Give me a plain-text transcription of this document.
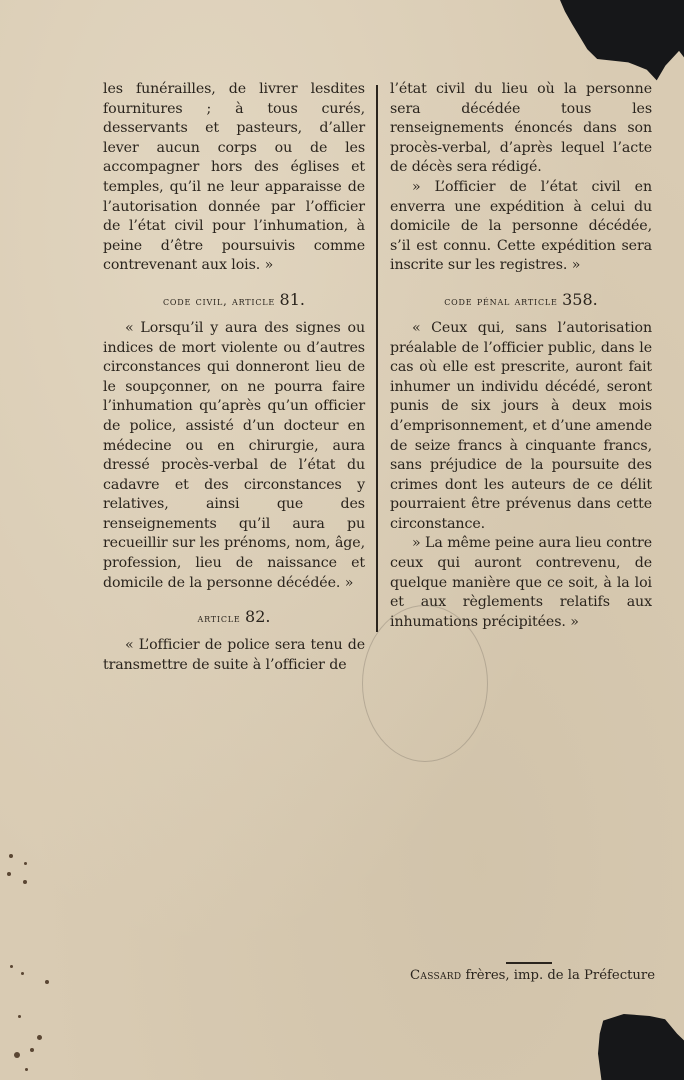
les funérailles, de livrer lesdites fournitures ; à tous curés, desservants et pasteurs, d’aller lever aucun corps ou de les accompagner hors des églises et temples, qu’il ne leur apparaisse de l’autorisation donnée par l’officier de l’état civil pour l’inhumation, à peine d’être poursuivis comme contrevenant aux lois. »

code civil, article 81.

« Lorsqu’il y aura des signes ou indices de mort violente ou d’autres circonstances qui donneront lieu de le soupçonner, on ne pourra faire l’inhumation qu’après qu’un officier de police, assisté d’un docteur en médecine ou en chirurgie, aura dressé procès-verbal de l’état du cadavre et des circonstances y relatives, ainsi que des renseignements qu’il aura pu recueillir sur les prénoms, nom, âge, profession, lieu de naissance et domicile de la personne décédée. »

article 82.

« L’officier de police sera tenu de transmettre de suite à l’officier de

l’état civil du lieu où la personne sera décédée tous les renseignements énoncés dans son procès-verbal, d’après lequel l’acte de décès sera rédigé.

» L’officier de l’état civil en enverra une expédition à celui du domicile de la personne décédée, s’il est connu. Cette expédition sera inscrite sur les registres. »

code pénal article 358.

« Ceux qui, sans l’autorisation préalable de l’officier public, dans le cas où elle est prescrite, auront fait inhumer un individu décédé, seront punis de six jours à deux mois d’emprisonnement, et d’une amende de seize francs à cinquante francs, sans préjudice de la poursuite des crimes dont les auteurs de ce délit pourraient être prévenus dans cette circonstance.

» La même peine aura lieu contre ceux qui auront contrevenu, de quelque manière que ce soit, à la loi et aux règlements relatifs aux inhumations précipitées. »

Cassard frères, imp. de la Préfecture
